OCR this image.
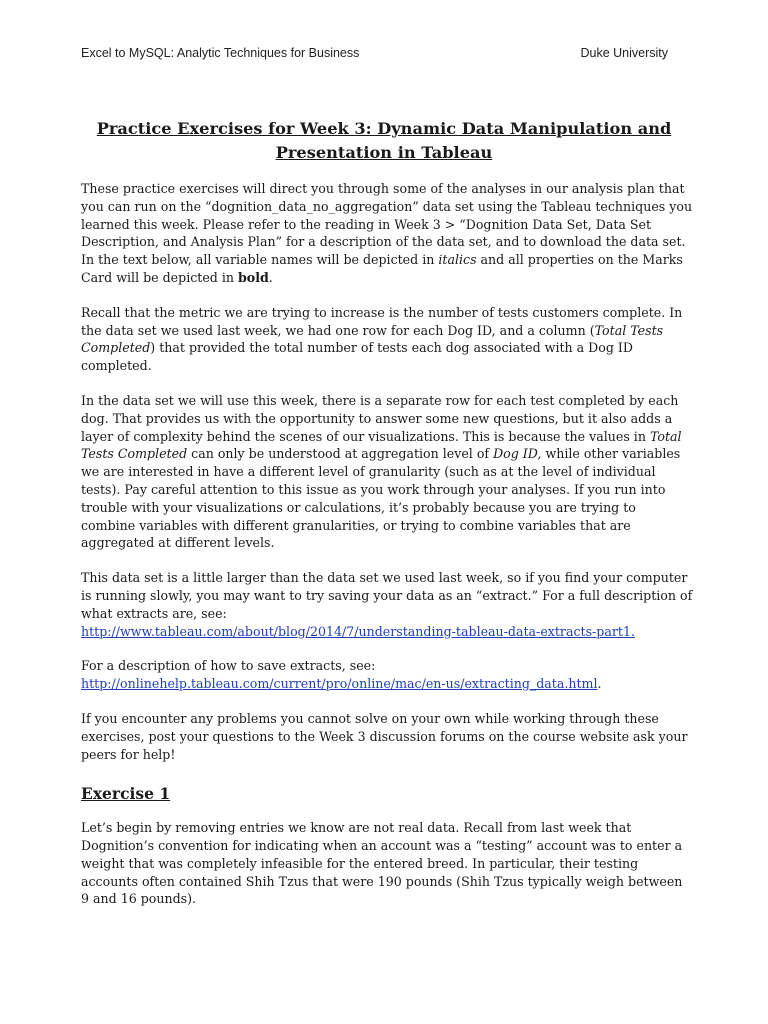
Excel to MySQL: Analytic Techniques for Business	Duke University
Practice Exercises for Week 3: Dynamic Data Manipulation and
Presentation in Tableau

These practice exercises will direct you through some of the analyses in our analysis plan that you can run on the “dognition_data_no_aggregation” data set using the Tableau techniques you learned this week. Please refer to the reading in Week 3 > “Dognition Data Set, Data Set Description, and Analysis Plan” for a description of the data set, and to download the data set. In the text below, all variable names will be depicted in italics and all properties on the Marks Card will be depicted in bold.

Recall that the metric we are trying to increase is the number of tests customers complete. In the data set we used last week, we had one row for each Dog ID, and a column (Total Tests Completed) that provided the total number of tests each dog associated with a Dog ID completed.

In the data set we will use this week, there is a separate row for each test completed by each dog. That provides us with the opportunity to answer some new questions, but it also adds a layer of complexity behind the scenes of our visualizations. This is because the values in Total Tests Completed can only be understood at aggregation level of Dog ID, while other variables we are interested in have a different level of granularity (such as at the level of individual tests). Pay careful attention to this issue as you work through your analyses. If you run into trouble with your visualizations or calculations, it’s probably because you are trying to combine variables with different granularities, or trying to combine variables that are aggregated at different levels.

This data set is a little larger than the data set we used last week, so if you find your computer is running slowly, you may want to try saving your data as an “extract.” For a full description of what extracts are, see:
http://www.tableau.com/about/blog/2014/7/understanding-tableau-data-extracts-part1.

For a description of how to save extracts, see:
http://onlinehelp.tableau.com/current/pro/online/mac/en-us/extracting_data.html.

If you encounter any problems you cannot solve on your own while working through these exercises, post your questions to the Week 3 discussion forums on the course website ask your peers for help!

Exercise 1

Let’s begin by removing entries we know are not real data. Recall from last week that Dognition’s convention for indicating when an account was a “testing” account was to enter a weight that was completely infeasible for the entered breed. In particular, their testing accounts often contained Shih Tzus that were 190 pounds (Shih Tzus typically weigh between 9 and 16 pounds).
